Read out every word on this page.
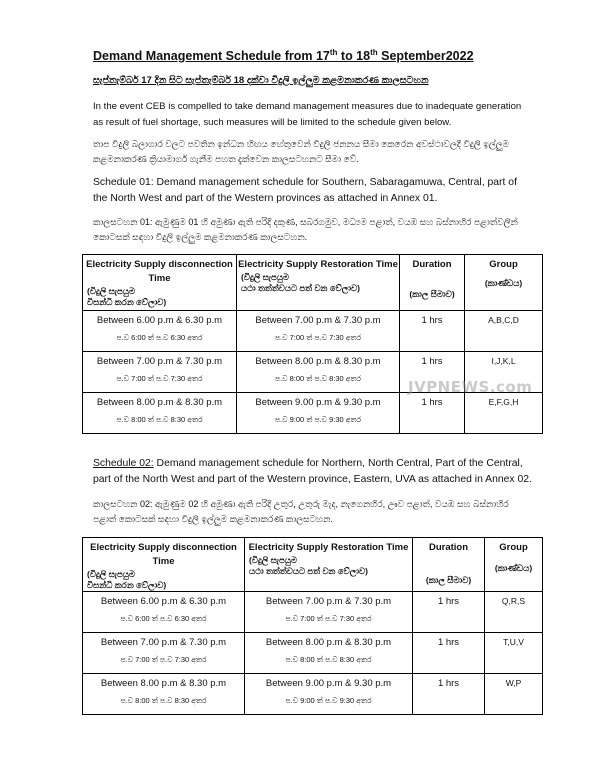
Demand Management Schedule from 17th to 18th September2022
සැප්තැම්බර් 17 දින සිට සැප්තැම්බර් 18 දක්වා විදුලි ඉල්ලුම කළමනාකරණ කාලසටහන
In the event CEB is compelled to take demand management measures due to inadequate generation as result of fuel shortage, such measures will be limited to the schedule given below.
තාප විදුලි බලාගාර වලට පවතින ඉන්ධන හිඟය හේතුවෙන් විදුලි ජනනය සීමා කෙරෙන අවස්ථාවලදී විදුලි ඉල්ලුම කළමනාකරණ ක්‍රියාමාර්ග ගැනීම පහත දැක්වෙන කාලසටහනට සීමා වේ.
Schedule 01: Demand management schedule for Southern, Sabaragamuwa, Central, part of the North West and part of the Western provinces as attached in Annex 01.
කාලසටහන 01: ඇමුණුම 01 හි අමුණා ඇති පරිදි දකුණ, සබරගමුව, මධ්‍යම පළාත්, වයඹ සහ බස්නාහිර පළාත්වලින් කොටසක් සඳහා විදුලි ඉල්ලුම කළමනාකරණ කාලසටහන.
Electricity Supply disconnection Time
(විදුලි සැපයුම
විසන්ධි කරන වේලාව)	Electricity Supply Restoration Time
(විදුලි සැපයුම
යථා තත්ත්වයට පත් වන වේලාව)	Duration
(කාල සීමාව)	Group
(කාණ්ඩය)

Between 6.00 p.m & 6.30 p.m
ප.ව 6:00 ත් ප.ව 6:30 අතර	Between 7.00 p.m & 7.30 p.m
ප.ව 7:00 ත් ප.ව 7:30 අතර	1 hrs	A,B,C,D

Between 7.00 p.m & 7.30 p.m
ප.ව 7:00 ත් ප.ව 7:30 අතර	Between 8.00 p.m & 8.30 p.m
ප.ව 8:00 ත් ප.ව 8:30 අතර	1 hrs	I,J,K,L

Between 8.00 p.m & 8.30 p.m
ප.ව 8:00 ත් ප.ව 8:30 අතර	Between 9.00 p.m & 9.30 p.m
ප.ව 9:00 ත් ප.ව 9:30 අතර	1 hrs	E,F,G,H
Schedule 02: Demand management schedule for Northern, North Central, Part of the Central, part of the North West and part of the Western province, Eastern, UVA as attached in Annex 02.
කාලසටහන 02: ඇමුණුම 02 හි අමුණා ඇති පරිදි උතුර, උතුරු මැද, නැගෙනහිර, ඌව පළාත්, වයඹ සහ බස්නාහිර පළාත් කොටසක් සඳහා විදුලි ඉල්ලුම කළමනාකරණ කාලසටහන.
Electricity Supply disconnection Time
(විදුලි සැපයුම
විසන්ධි කරන වේලාව)	Electricity Supply Restoration Time
(විදුලි සැපයුම
යථා තත්ත්වයට පත් වන වේලාව)	Duration
(කාල සීමාව)	Group
(කාණ්ඩය)

Between 6.00 p.m & 6.30 p.m
ප.ව 6:00 ත් ප.ව 6:30 අතර	Between 7.00 p.m & 7.30 p.m
ප.ව 7:00 ත් ප.ව 7:30 අතර	1 hrs	Q,R,S

Between 7.00 p.m & 7.30 p.m
ප.ව 7:00 ත් ප.ව 7:30 අතර	Between 8.00 p.m & 8.30 p.m
ප.ව 8:00 ත් ප.ව 8:30 අතර	1 hrs	T,U,V

Between 8.00 p.m & 8.30 p.m
ප.ව 8:00 ත් ප.ව 8:30 අතර	Between 9.00 p.m & 9.30 p.m
ප.ව 9:00 ත් ප.ව 9:30 අතර	1 hrs	W,P
JVPNEWS.com
